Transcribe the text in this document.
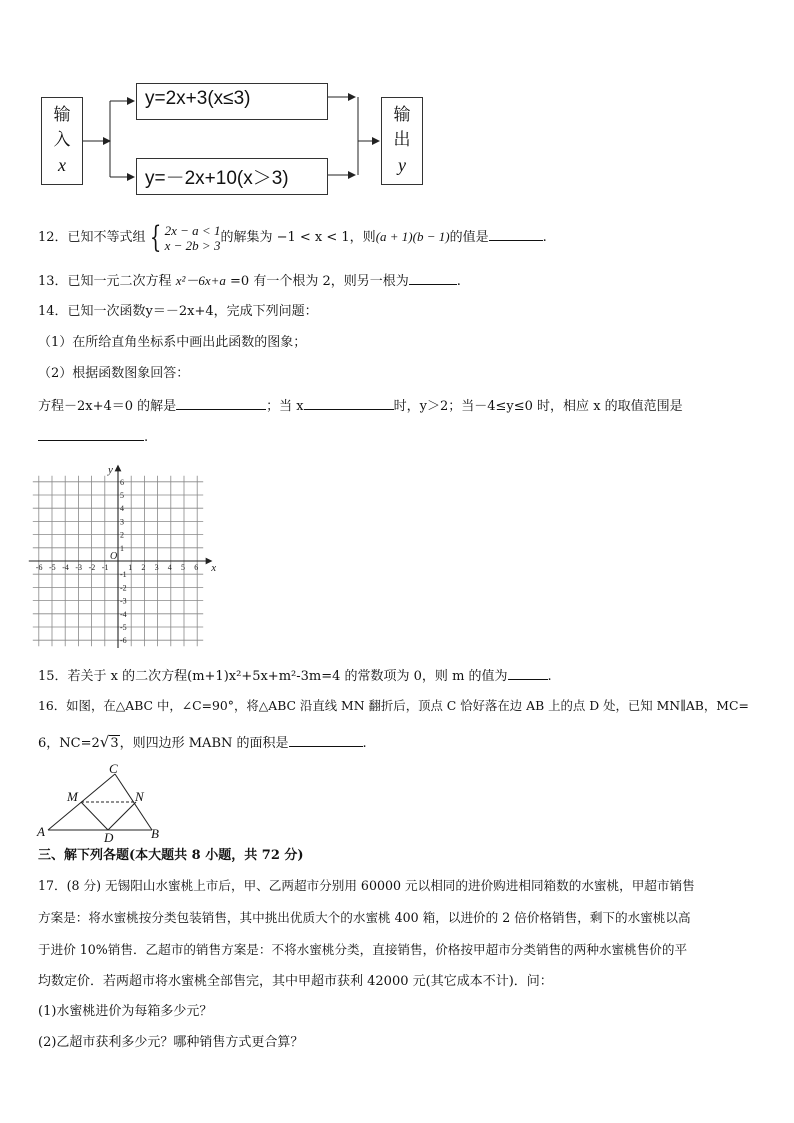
输
入
x
y=2x+3(x≤3)
y=－2x+10(x＞3)
输
出
y
12．已知不等式组 { 2x − a < 1
x − 2b > 3 的解集为 −1 < x < 1，则(a + 1)(b − 1)的值是	.
13．已知一元二次方程 x²－6x+a =0 有一个根为 2，则另一根为	.
14．已知一次函数y＝－2x+4，完成下列问题：
（1）在所给直角坐标系中画出此函数的图象；
（2）根据函数图象回答：
方程－2x+4＝0 的解是	；当 x	时，y＞2；当－4≤y≤0 时，相应 x 的取值范围是
.
-6 -5 -4 -3 -2 -1 1 2 3 4 5 6
6
5
4
3
2
1
-1
-2
-3
-4
-5
-6
O
x
y
15．若关于 x 的二次方程(m+1)x²+5x+m²-3m=4 的常数项为 0，则 m 的值为	.
16．如图，在△ABC 中，∠C=90°，将△ABC 沿直线 MN 翻折后，顶点 C 恰好落在边 AB 上的点 D 处，已知 MN∥AB，MC=
6，NC=2√3，则四边形 MABN 的面积是	.
C
M	N
A	D	B
三、解下列各题(本大题共 8 小题，共 72 分)
17．(8 分) 无锡阳山水蜜桃上市后，甲、乙两超市分别用 60000 元以相同的进价购进相同箱数的水蜜桃，甲超市销售
方案是：将水蜜桃按分类包装销售，其中挑出优质大个的水蜜桃 400 箱，以进价的 2 倍价格销售，剩下的水蜜桃以高
于进价 10%销售．乙超市的销售方案是：不将水蜜桃分类，直接销售，价格按甲超市分类销售的两种水蜜桃售价的平
均数定价．若两超市将水蜜桃全部售完，其中甲超市获利 42000 元(其它成本不计)．问：
(1)水蜜桃进价为每箱多少元？
(2)乙超市获利多少元？哪种销售方式更合算？
